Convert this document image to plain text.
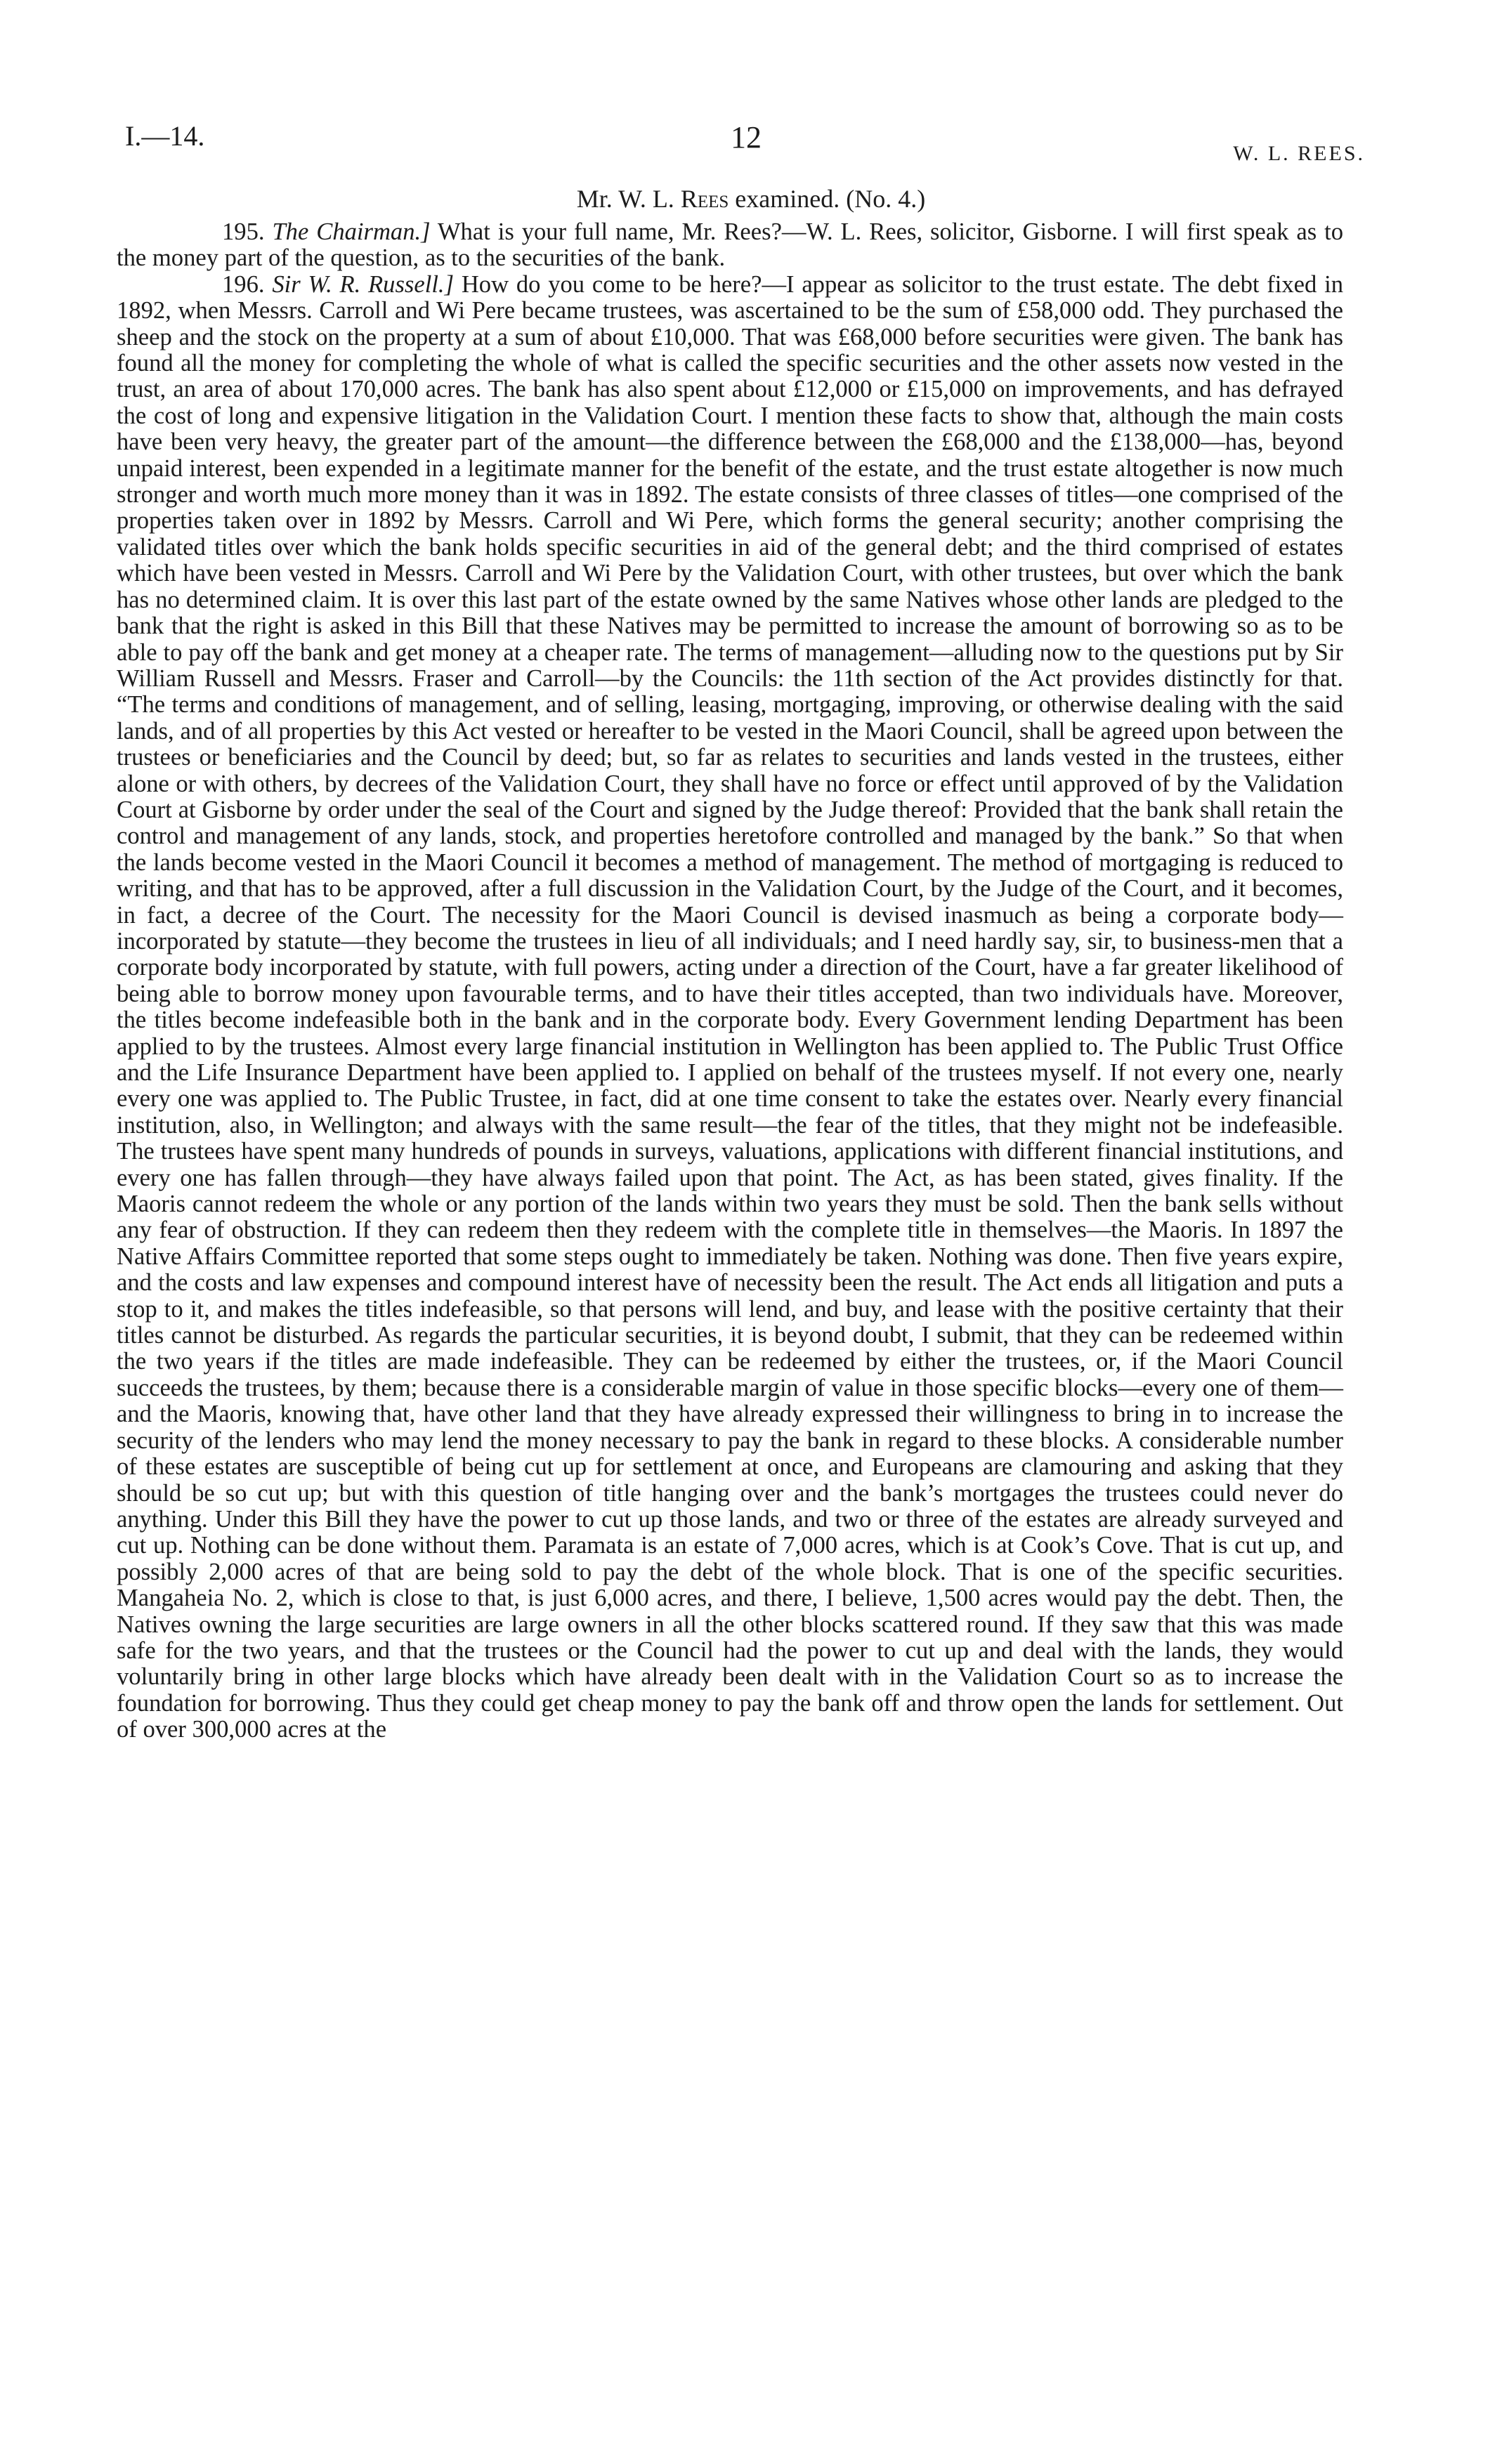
I.—14.	12	W. L. REES.
Mr. W. L. Rees examined. (No. 4.)

195. The Chairman.] What is your full name, Mr. Rees?—W. L. Rees, solicitor, Gisborne. I will first speak as to the money part of the question, as to the securities of the bank.

196. Sir W. R. Russell.] How do you come to be here?—I appear as solicitor to the trust estate. The debt fixed in 1892, when Messrs. Carroll and Wi Pere became trustees, was ascertained to be the sum of £58,000 odd. They purchased the sheep and the stock on the property at a sum of about £10,000. That was £68,000 before securities were given. The bank has found all the money for completing the whole of what is called the specific securities and the other assets now vested in the trust, an area of about 170,000 acres. The bank has also spent about £12,000 or £15,000 on improvements, and has defrayed the cost of long and expensive litigation in the Validation Court. I mention these facts to show that, although the main costs have been very heavy, the greater part of the amount—the difference between the £68,000 and the £138,000—has, beyond unpaid interest, been expended in a legitimate manner for the benefit of the estate, and the trust estate altogether is now much stronger and worth much more money than it was in 1892. The estate consists of three classes of titles—one comprised of the properties taken over in 1892 by Messrs. Carroll and Wi Pere, which forms the general security; another comprising the validated titles over which the bank holds specific securities in aid of the general debt; and the third comprised of estates which have been vested in Messrs. Carroll and Wi Pere by the Validation Court, with other trustees, but over which the bank has no determined claim. It is over this last part of the estate owned by the same Natives whose other lands are pledged to the bank that the right is asked in this Bill that these Natives may be permitted to increase the amount of borrowing so as to be able to pay off the bank and get money at a cheaper rate. The terms of management—alluding now to the questions put by Sir William Russell and Messrs. Fraser and Carroll—by the Councils: the 11th section of the Act provides distinctly for that. “The terms and conditions of management, and of selling, leasing, mortgaging, improving, or otherwise dealing with the said lands, and of all properties by this Act vested or hereafter to be vested in the Maori Council, shall be agreed upon between the trustees or beneficiaries and the Council by deed; but, so far as relates to securities and lands vested in the trustees, either alone or with others, by decrees of the Validation Court, they shall have no force or effect until approved of by the Validation Court at Gisborne by order under the seal of the Court and signed by the Judge thereof: Provided that the bank shall retain the control and management of any lands, stock, and properties heretofore controlled and managed by the bank.” So that when the lands become vested in the Maori Council it becomes a method of management. The method of mortgaging is reduced to writing, and that has to be approved, after a full discussion in the Validation Court, by the Judge of the Court, and it becomes, in fact, a decree of the Court. The necessity for the Maori Council is devised inasmuch as being a corporate body—incorporated by statute—they become the trustees in lieu of all individuals; and I need hardly say, sir, to business-men that a corporate body incorporated by statute, with full powers, acting under a direction of the Court, have a far greater likelihood of being able to borrow money upon favourable terms, and to have their titles accepted, than two individuals have. Moreover, the titles become indefeasible both in the bank and in the corporate body. Every Government lending Department has been applied to by the trustees. Almost every large financial institution in Wellington has been applied to. The Public Trust Office and the Life Insurance Department have been applied to. I applied on behalf of the trustees myself. If not every one, nearly every one was applied to. The Public Trustee, in fact, did at one time consent to take the estates over. Nearly every financial institution, also, in Wellington; and always with the same result—the fear of the titles, that they might not be indefeasible. The trustees have spent many hundreds of pounds in surveys, valuations, applications with different financial institutions, and every one has fallen through—they have always failed upon that point. The Act, as has been stated, gives finality. If the Maoris cannot redeem the whole or any portion of the lands within two years they must be sold. Then the bank sells without any fear of obstruction. If they can redeem then they redeem with the complete title in themselves—the Maoris. In 1897 the Native Affairs Committee reported that some steps ought to immediately be taken. Nothing was done. Then five years expire, and the costs and law expenses and compound interest have of necessity been the result. The Act ends all litigation and puts a stop to it, and makes the titles indefeasible, so that persons will lend, and buy, and lease with the positive certainty that their titles cannot be disturbed. As regards the particular securities, it is beyond doubt, I submit, that they can be redeemed within the two years if the titles are made indefeasible. They can be redeemed by either the trustees, or, if the Maori Council succeeds the trustees, by them; because there is a considerable margin of value in those specific blocks—every one of them—and the Maoris, knowing that, have other land that they have already expressed their willingness to bring in to increase the security of the lenders who may lend the money necessary to pay the bank in regard to these blocks. A considerable number of these estates are susceptible of being cut up for settlement at once, and Europeans are clamouring and asking that they should be so cut up; but with this question of title hanging over and the bank’s mortgages the trustees could never do anything. Under this Bill they have the power to cut up those lands, and two or three of the estates are already surveyed and cut up. Nothing can be done without them. Paramata is an estate of 7,000 acres, which is at Cook’s Cove. That is cut up, and possibly 2,000 acres of that are being sold to pay the debt of the whole block. That is one of the specific securities. Mangaheia No. 2, which is close to that, is just 6,000 acres, and there, I believe, 1,500 acres would pay the debt. Then, the Natives owning the large securities are large owners in all the other blocks scattered round. If they saw that this was made safe for the two years, and that the trustees or the Council had the power to cut up and deal with the lands, they would voluntarily bring in other large blocks which have already been dealt with in the Validation Court so as to increase the foundation for borrowing. Thus they could get cheap money to pay the bank off and throw open the lands for settlement. Out of over 300,000 acres at the
